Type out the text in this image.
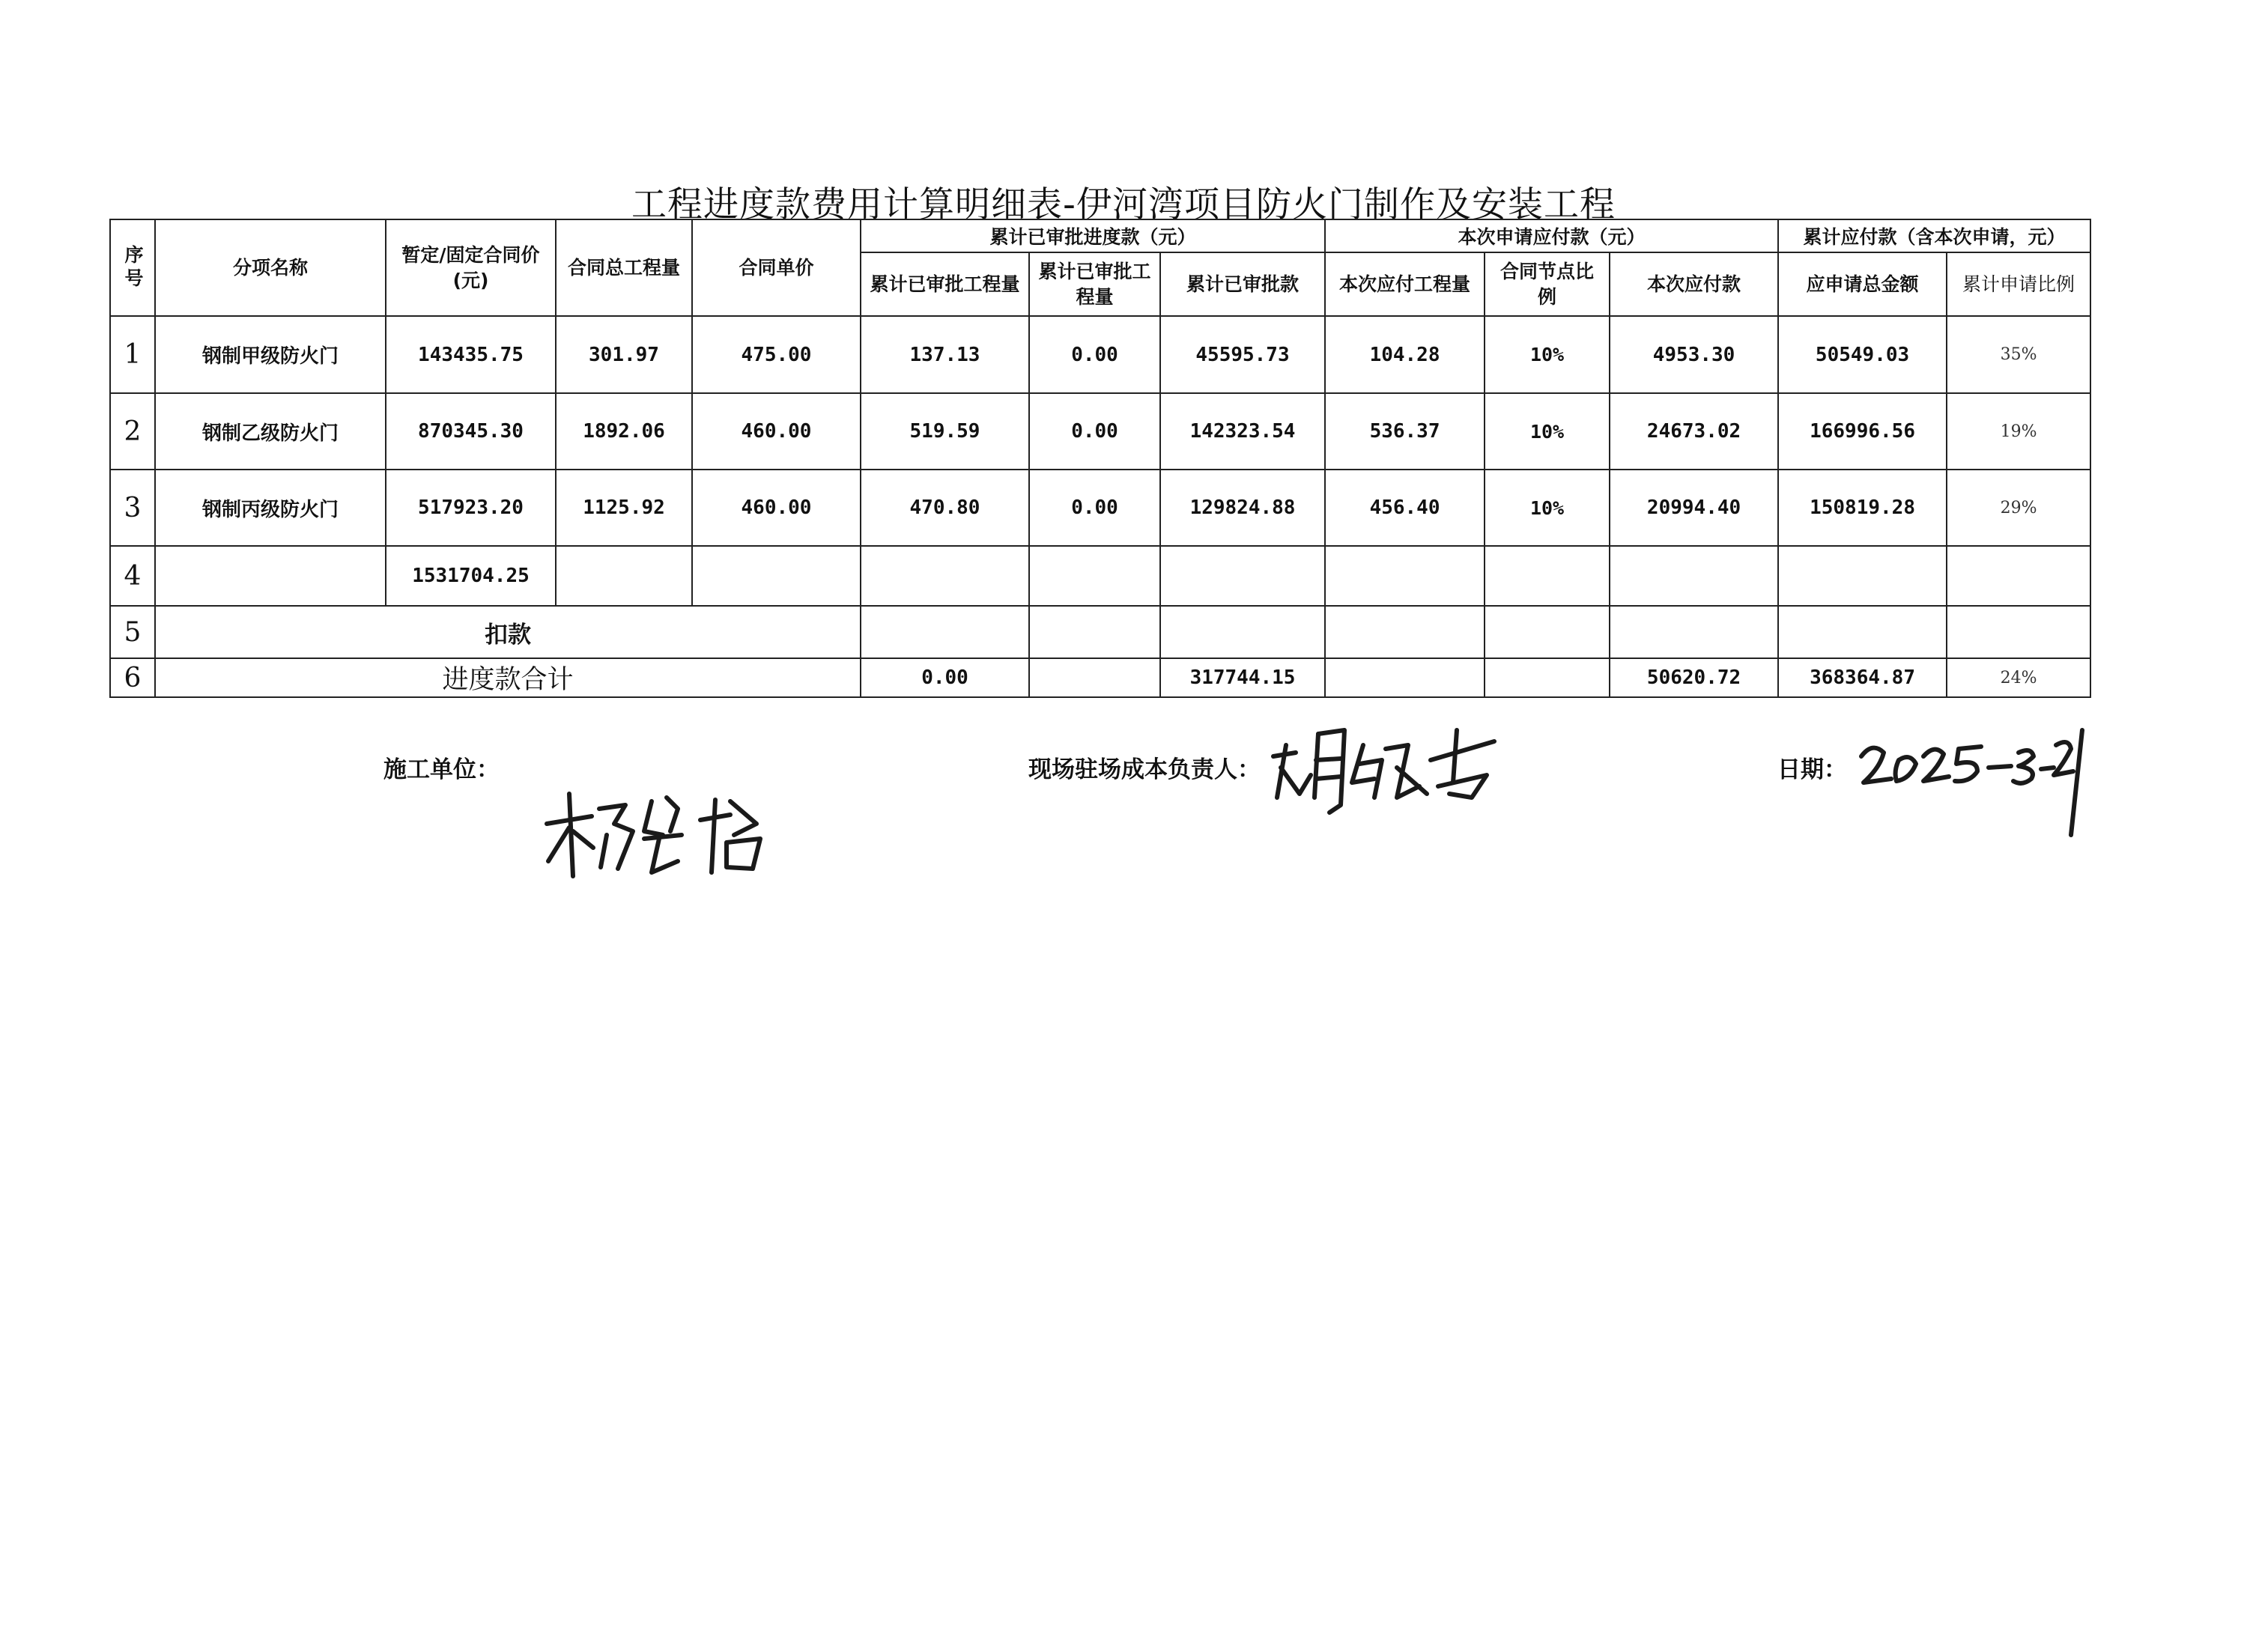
工程进度款费用计算明细表-伊河湾项目防火门制作及安装工程
序号	分项名称	暂定/固定合同价(元)	合同总工程量	合同单价	累计已审批进度款（元）			本次申请应付款（元）			累计应付款（含本次申请，元）	
					累计已审批工程量	累计已审批工程量	累计已审批款	本次应付工程量	合同节点比例	本次应付款	应申请总金额	累计申请比例
1	钢制甲级防火门	143435.75	301.97	475.00	137.13	0.00	45595.73	104.28	10%	4953.30	50549.03	35%
2	钢制乙级防火门	870345.30	1892.06	460.00	519.59	0.00	142323.54	536.37	10%	24673.02	166996.56	19%
3	钢制丙级防火门	517923.20	1125.92	460.00	470.80	0.00	129824.88	456.40	10%	20994.40	150819.28	29%
4		1531704.25										
5	扣款											
6	进度款合计				0.00		317744.15			50620.72	368364.87	24%
施工单位：	现场驻场成本负责人：	日期：
